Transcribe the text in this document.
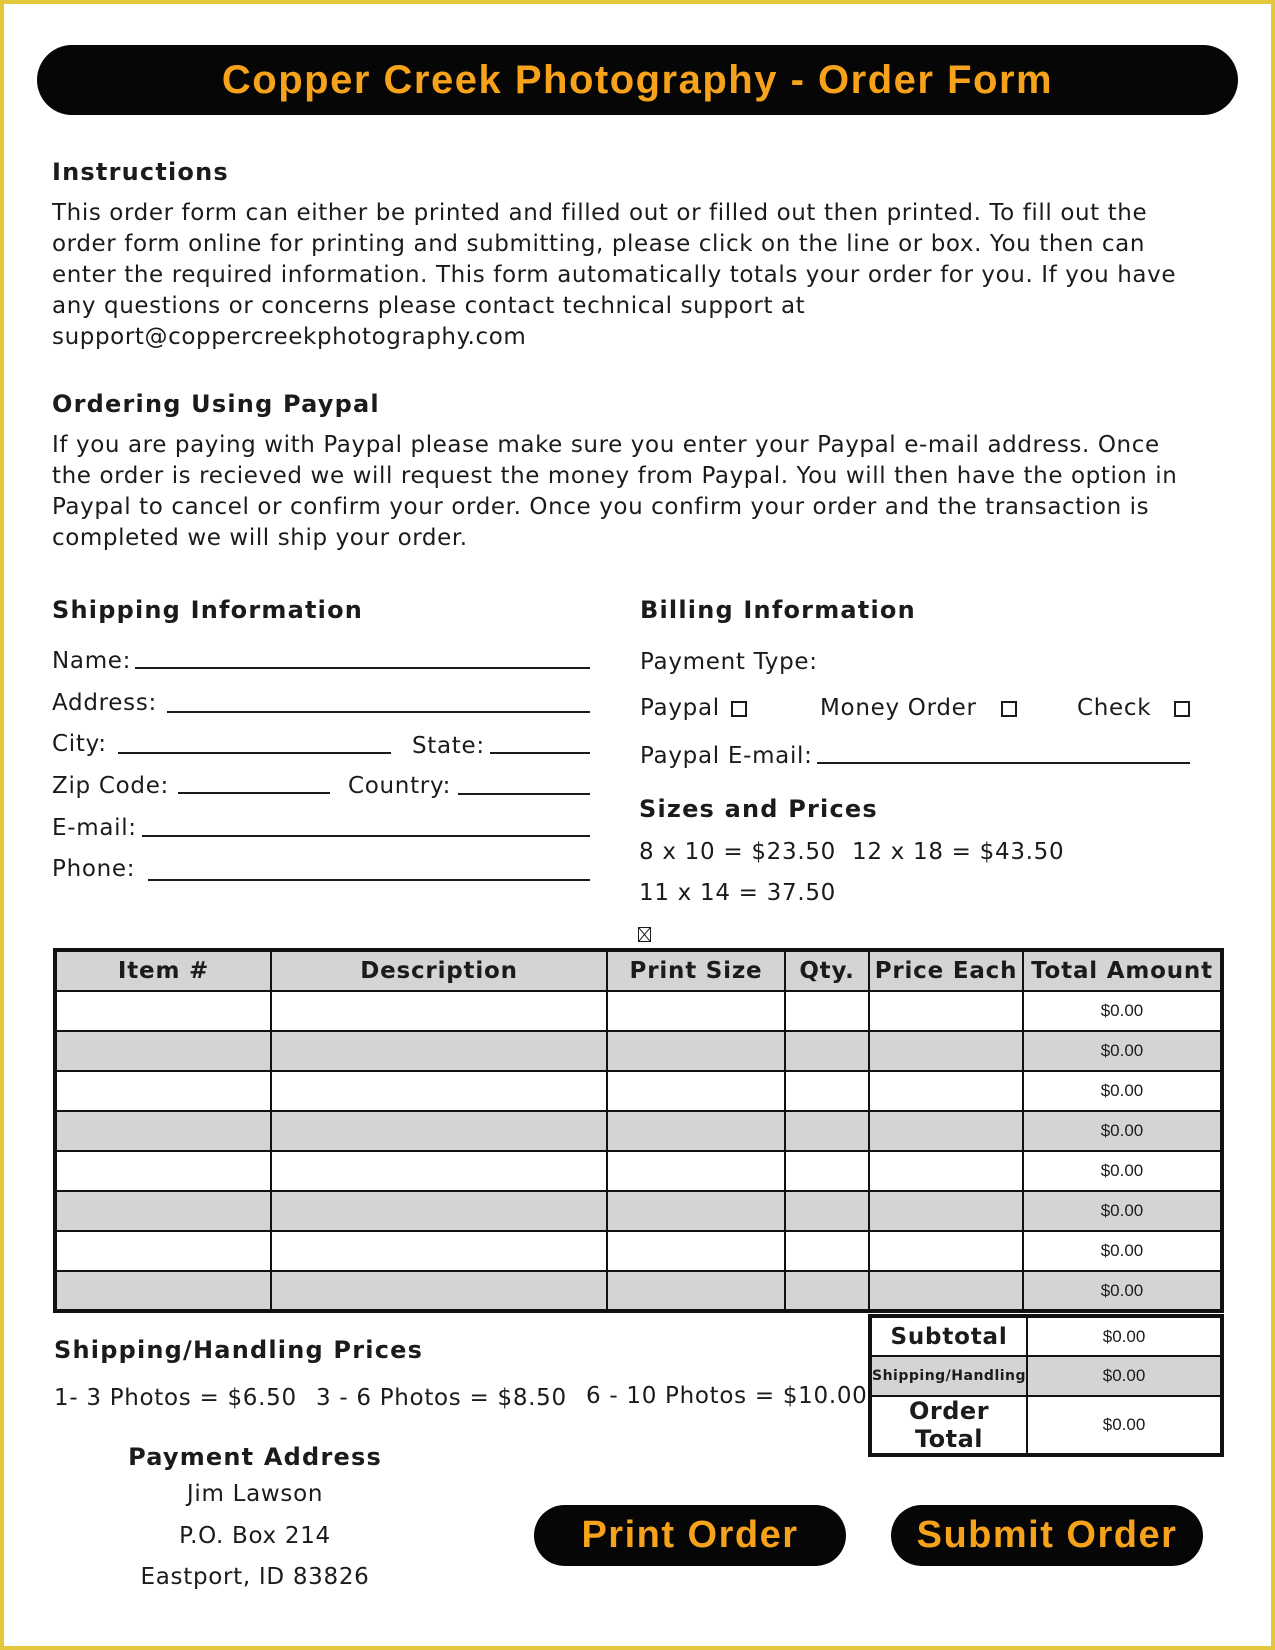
Copper Creek Photography - Order Form
Instructions
This order form can either be printed and filled out or filled out then printed. To fill out the
order form online for printing and submitting, please click on the line or box. You then can
enter the required information. This form automatically totals your order for you. If you have
any questions or concerns please contact technical support at
support@coppercreekphotography.com
Ordering Using Paypal
If you are paying with Paypal please make sure you enter your Paypal e-mail address. Once
the order is recieved we will request the money from Paypal. You will then have the option in
Paypal to cancel or confirm your order. Once you confirm your order and the transaction is
completed we will ship your order.
Shipping Information
Name:
Address:
City:	State:
Zip Code:	Country:
E-mail:
Phone:
Billing Information
Payment Type:
Paypal	Money Order	Check
Paypal E-mail:
Sizes and Prices
8 x 10 = $23.50 12 x 18 = $43.50
11 x 14 = 37.50
Item #	Description	Print Size	Qty.	Price Each	Total Amount
					$0.00
					$0.00
					$0.00
					$0.00
					$0.00
					$0.00
					$0.00
					$0.00
Subtotal	$0.00
Shipping/Handling	$0.00
Order Total	$0.00
Shipping/Handling Prices
1- 3 Photos = $6.50 3 - 6 Photos = $8.50 6 - 10 Photos = $10.00
Payment Address
Jim Lawson
P.O. Box 214
Eastport, ID 83826
Print Order	Submit Order
